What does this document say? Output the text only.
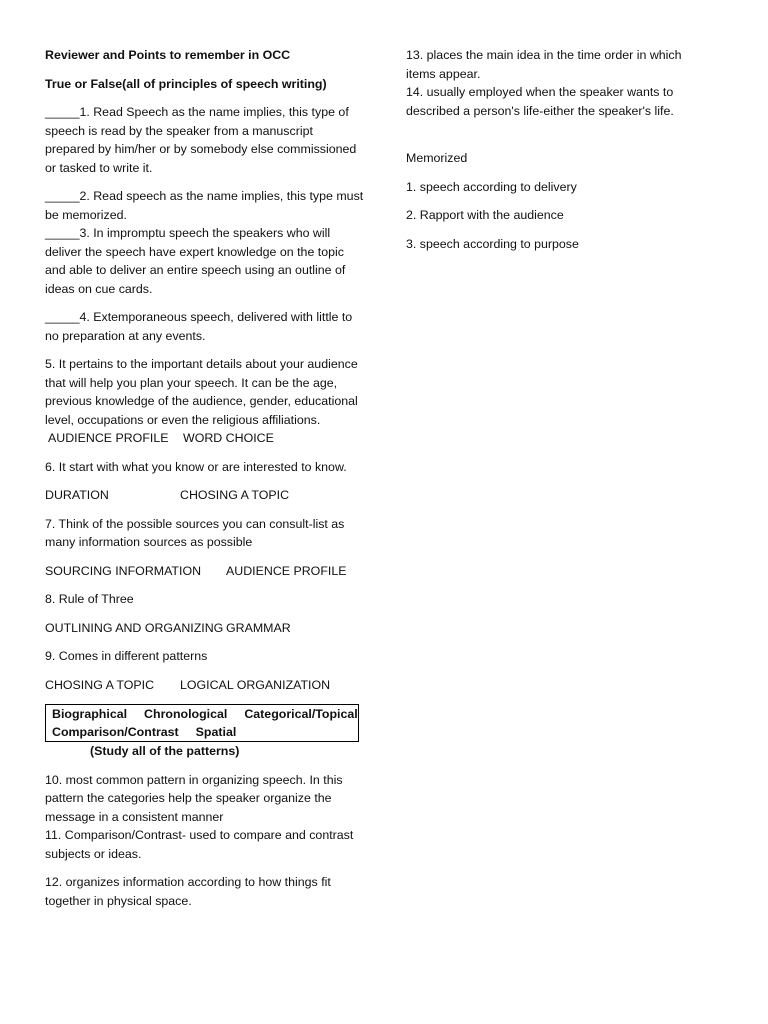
Reviewer and Points to remember in OCC

True or False(all of principles of speech writing)

_____1. Read Speech as the name implies, this type of speech is read by the speaker from a manuscript prepared by him/her or by somebody else commissioned or tasked to write it.

_____2. Read speech as the name implies, this type must be memorized.

_____3. In impromptu speech the speakers who will deliver the speech have expert knowledge on the topic and able to deliver an entire speech using an outline of ideas on cue cards.

_____4. Extemporaneous speech, delivered with little to no preparation at any events.

5. It pertains to the important details about your audience that will help you plan your speech. It can be the age, previous knowledge of the audience, gender, educational level, occupations or even the religious affiliations.

AUDIENCE PROFILE	WORD CHOICE

6. It start with what you know or are interested to know.

DURATION	CHOSING A TOPIC

7. Think of the possible sources you can consult-list as many information sources as possible

SOURCING INFORMATION	AUDIENCE PROFILE

8. Rule of Three

OUTLINING AND ORGANIZING GRAMMAR

9. Comes in different patterns

CHOSING A TOPIC	LOGICAL ORGANIZATION
Biographical Chronological Categorical/Topical
Comparison/Contrast Spatial

(Study all of the patterns)

10. most common pattern in organizing speech. In this pattern the categories help the speaker organize the message in a consistent manner

11. Comparison/Contrast- used to compare and contrast subjects or ideas.

12. organizes information according to how things fit together in physical space.

13. places the main idea in the time order in which items appear.

14. usually employed when the speaker wants to described a person's life-either the speaker's life.

Memorized

1. speech according to delivery

2. Rapport with the audience

3. speech according to purpose
